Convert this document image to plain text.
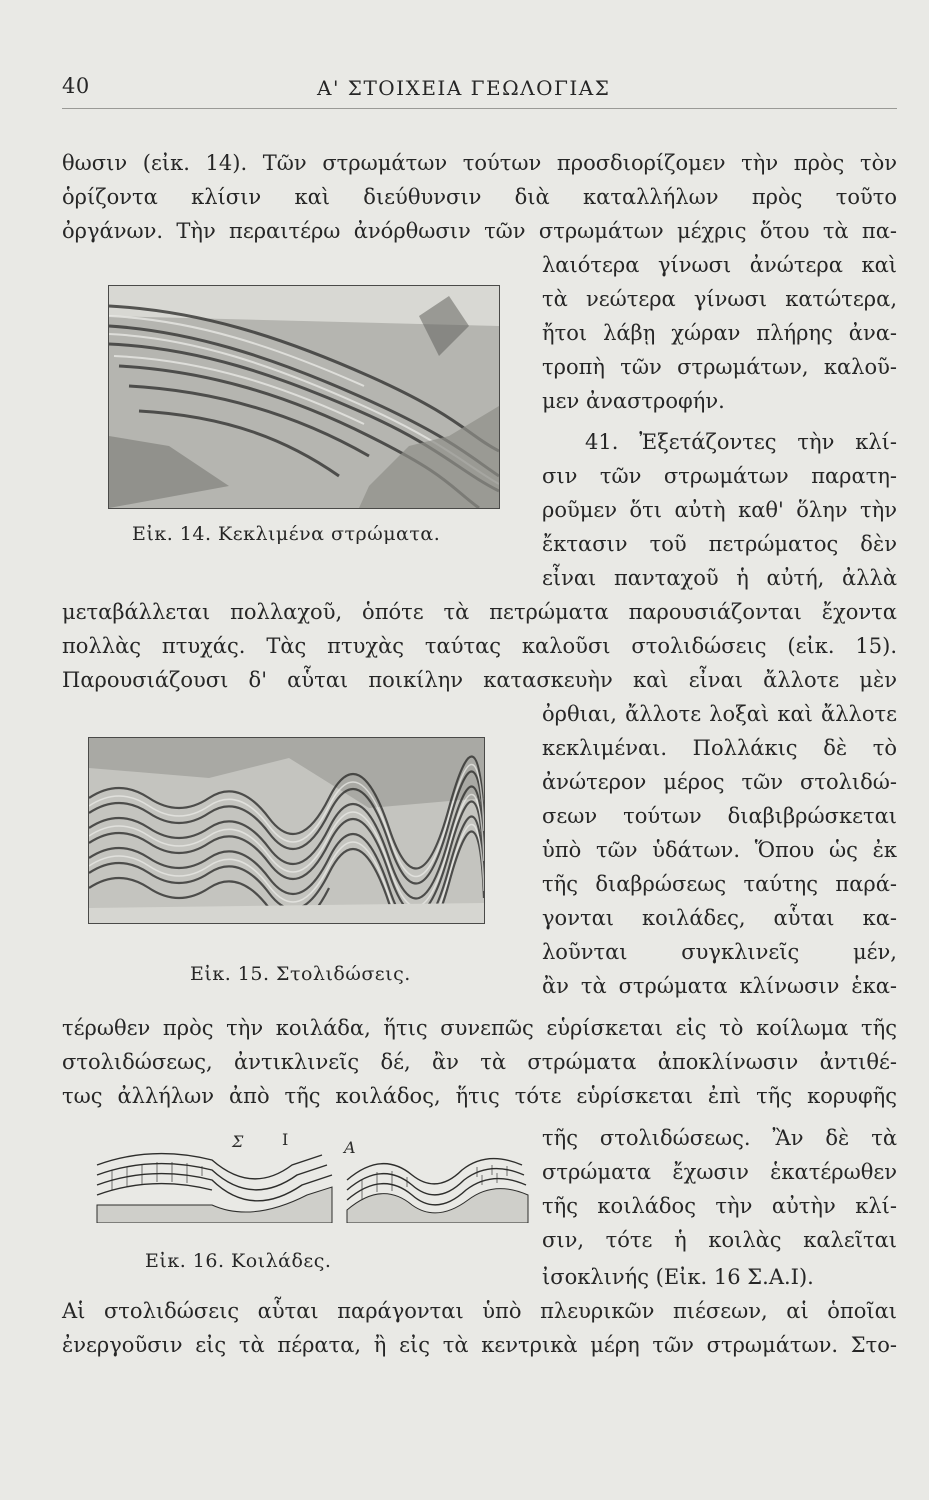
40	Α' ΣΤΟΙΧΕΙΑ ΓΕΩΛΟΓΙΑΣ
θωσιν (εἰκ. 14). Τῶν στρωμάτων τούτων προσδιορίζομεν τὴν πρὸς τὸν
ὁρίζοντα κλίσιν καὶ διεύθυνσιν διὰ καταλλήλων πρὸς τοῦτο
ὀργάνων. Τὴν περαιτέρω ἀνόρθωσιν τῶν στρωμάτων μέχρις ὅτου τὰ πα-
λαιότερα γίνωσι ἀνώτερα καὶ
τὰ νεώτερα γίνωσι κατώτερα,
ἤτοι λάβῃ χώραν πλήρης ἀνα-
τροπὴ τῶν στρωμάτων, καλοῦ-
μεν ἀναστροφήν.
41. Ἐξετάζοντες τὴν κλί-
σιν τῶν στρωμάτων παρατη-
ροῦμεν ὅτι αὐτὴ καθ' ὅλην τὴν
ἔκτασιν τοῦ πετρώματος δὲν
εἶναι πανταχοῦ ἡ αὐτή, ἀλλὰ
μεταβάλλεται πολλαχοῦ, ὁπότε τὰ πετρώματα παρουσιάζονται ἔχοντα
πολλὰς πτυχάς. Τὰς πτυχὰς ταύτας καλοῦσι στολιδώσεις (εἰκ. 15).
Παρουσιάζουσι δ' αὗται ποικίλην κατασκευὴν καὶ εἶναι ἄλλοτε μὲν
ὀρθιαι, ἄλλοτε λοξαὶ καὶ ἄλλοτε
κεκλιμέναι. Πολλάκις δὲ τὸ
ἀνώτερον μέρος τῶν στολιδώ-
σεων τούτων διαβιβρώσκεται
ὑπὸ τῶν ὑδάτων. Ὅπου ὡς ἐκ
τῆς διαβρώσεως ταύτης παρά-
γονται κοιλάδες, αὗται κα-
λοῦνται συγκλινεῖς μέν,
ἂν τὰ στρώματα κλίνωσιν ἑκα-
τέρωθεν πρὸς τὴν κοιλάδα, ἥτις συνεπῶς εὑρίσκεται εἰς τὸ κοίλωμα τῆς
στολιδώσεως, ἀντικλινεῖς δέ, ἂν τὰ στρώματα ἀποκλίνωσιν ἀντιθέ-
τως ἀλλήλων ἀπὸ τῆς κοιλάδος, ἥτις τότε εὑρίσκεται ἐπὶ τῆς κορυφῆς
τῆς στολιδώσεως. Ἂν δὲ τὰ
στρώματα ἔχωσιν ἑκατέρωθεν
τῆς κοιλάδος τὴν αὐτὴν κλί-
σιν, τότε ἡ κοιλὰς καλεῖται
ἰσοκλινής (Εἰκ. 16 Σ.Α.Ι).
Αἱ στολιδώσεις αὗται παράγονται ὑπὸ πλευρικῶν πιέσεων, αἱ ὁποῖαι
ἐνεργοῦσιν εἰς τὰ πέρατα, ἢ εἰς τὰ κεντρικὰ μέρη τῶν στρωμάτων. Στο-
Εἰκ. 14. Κεκλιμένα στρώματα.
Εἰκ. 15. Στολιδώσεις.
Σ Ι	Α
Εἰκ. 16. Κοιλάδες.
